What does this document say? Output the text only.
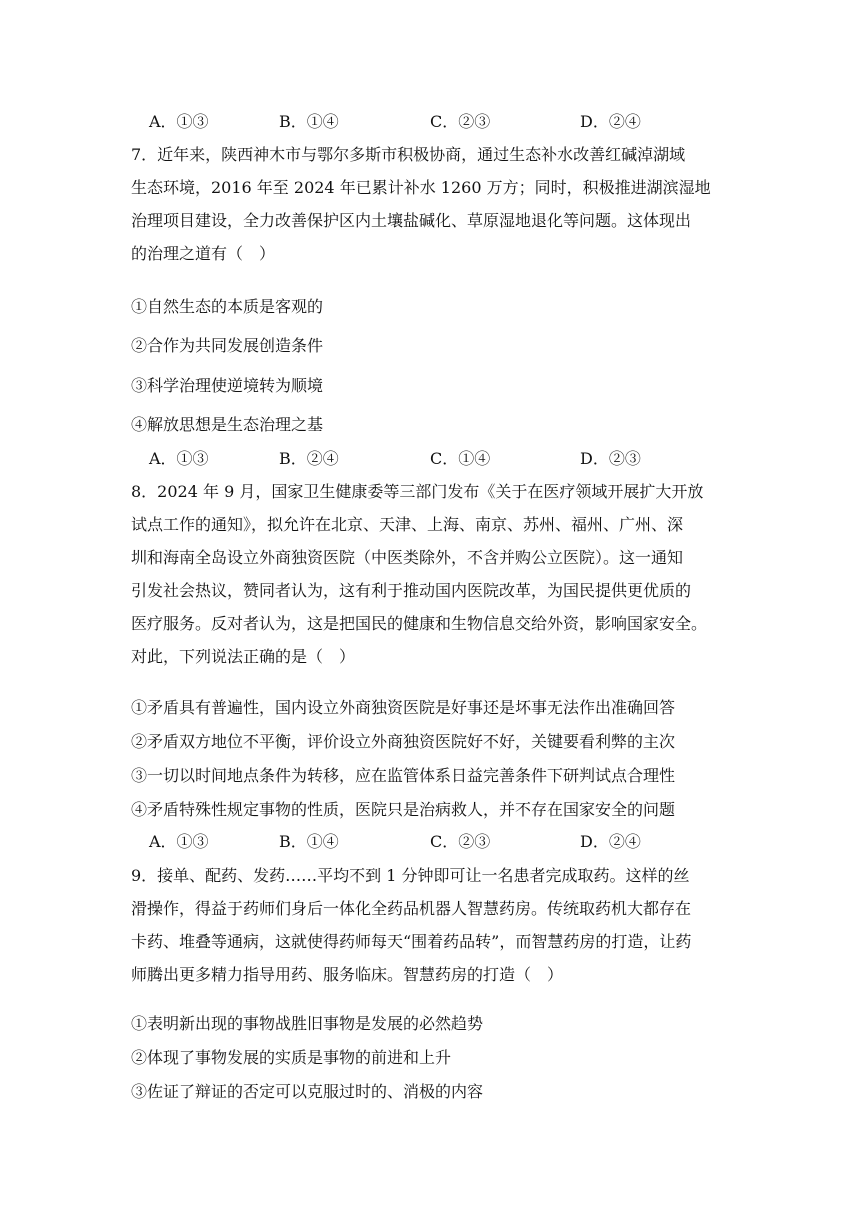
A．①③	B．①④	C．②③	D．②④
7．近年来，陕西神木市与鄂尔多斯市积极协商，通过生态补水改善红碱淖湖域
生态环境，2016 年至 2024 年已累计补水 1260 万方；同时，积极推进湖滨湿地
治理项目建设，全力改善保护区内土壤盐碱化、草原湿地退化等问题。这体现出
的治理之道有（　）
①自然生态的本质是客观的
②合作为共同发展创造条件
③科学治理使逆境转为顺境
④解放思想是生态治理之基
A．①③	B．②④	C．①④	D．②③
8．2024 年 9 月，国家卫生健康委等三部门发布《关于在医疗领域开展扩大开放
试点工作的通知》，拟允许在北京、天津、上海、南京、苏州、福州、广州、深
圳和海南全岛设立外商独资医院（中医类除外，不含并购公立医院）。这一通知
引发社会热议，赞同者认为，这有利于推动国内医院改革，为国民提供更优质的
医疗服务。反对者认为，这是把国民的健康和生物信息交给外资，影响国家安全。
对此，下列说法正确的是（　）
①矛盾具有普遍性，国内设立外商独资医院是好事还是坏事无法作出准确回答
②矛盾双方地位不平衡，评价设立外商独资医院好不好，关键要看利弊的主次
③一切以时间地点条件为转移，应在监管体系日益完善条件下研判试点合理性
④矛盾特殊性规定事物的性质，医院只是治病救人，并不存在国家安全的问题
A．①③	B．①④	C．②③	D．②④
9．接单、配药、发药……平均不到 1 分钟即可让一名患者完成取药。这样的丝
滑操作，得益于药师们身后一体化全药品机器人智慧药房。传统取药机大都存在
卡药、堆叠等通病，这就使得药师每天“围着药品转”，而智慧药房的打造，让药
师腾出更多精力指导用药、服务临床。智慧药房的打造（　）
①表明新出现的事物战胜旧事物是发展的必然趋势
②体现了事物发展的实质是事物的前进和上升
③佐证了辩证的否定可以克服过时的、消极的内容
